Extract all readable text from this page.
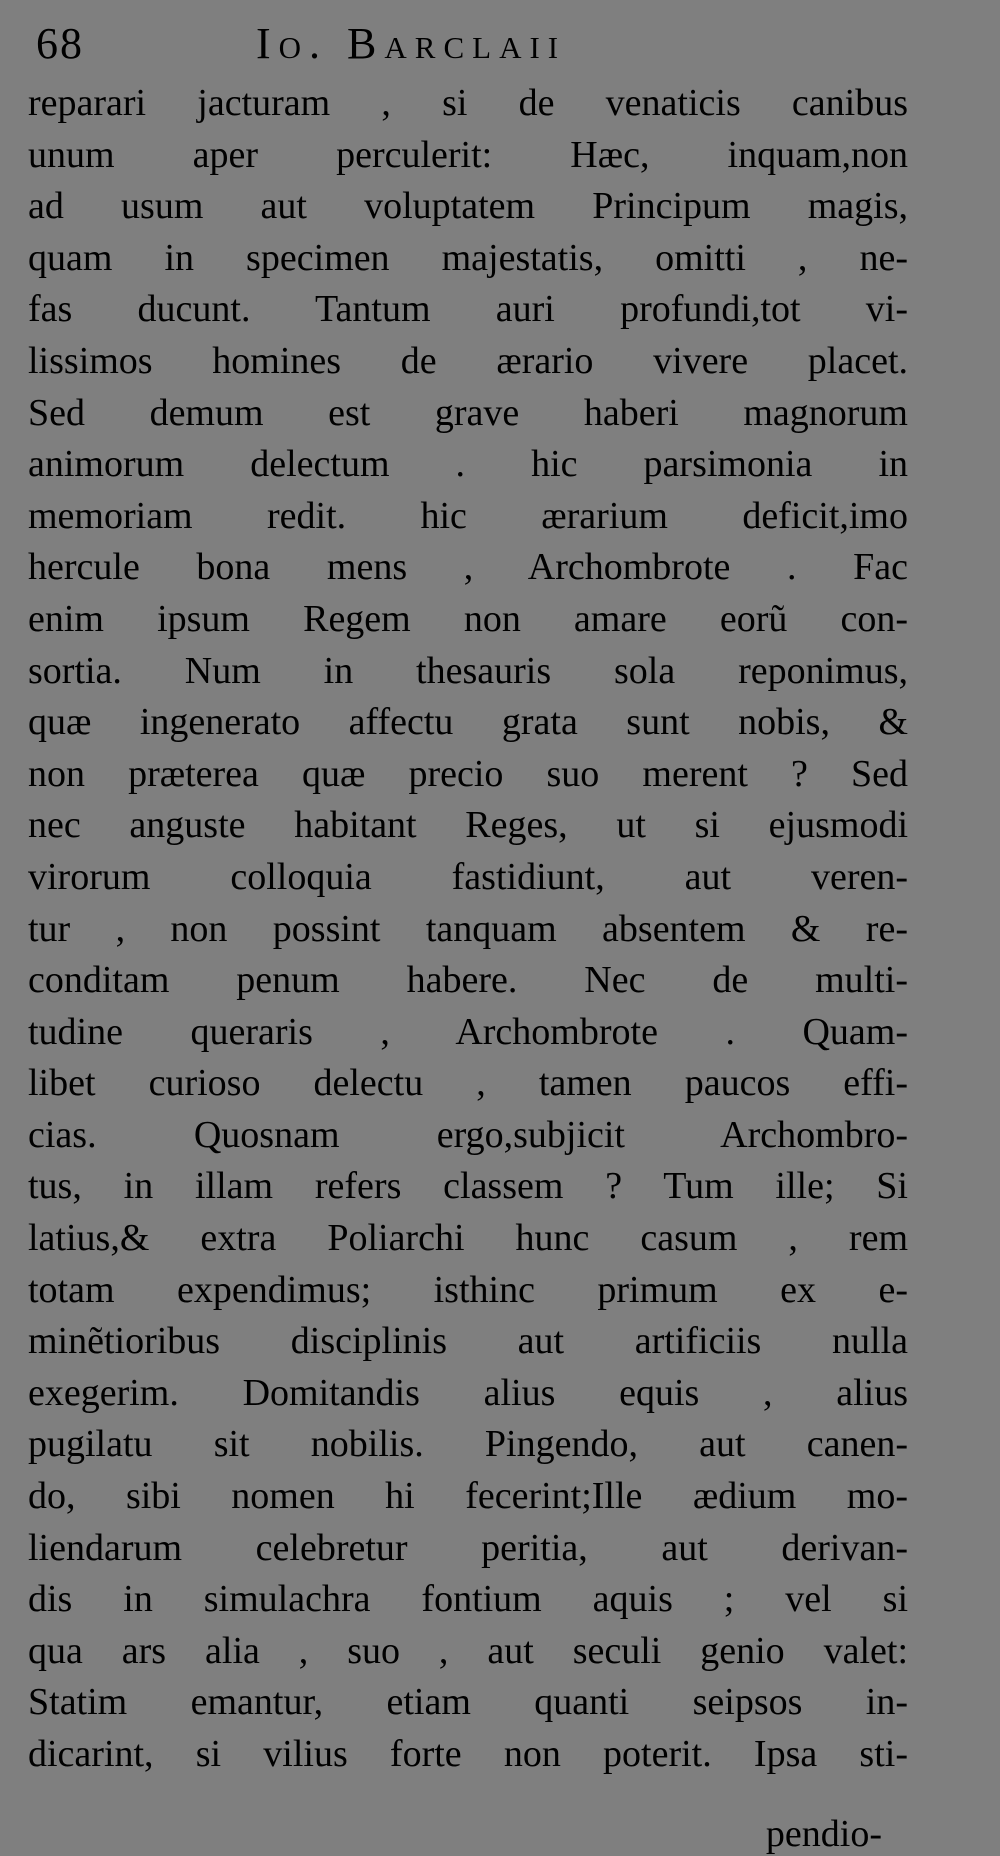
68	Io. Barclaii
reparari jacturam , si de venaticis canibus
unum aper perculerit: Hæc, inquam,non
ad usum aut voluptatem Principum magis,
quam in specimen majestatis, omitti , ne-
fas ducunt. Tantum auri profundi,tot vi-
lissimos homines de ærario vivere placet.
Sed demum est grave haberi magnorum
animorum delectum . hic parsimonia in
memoriam redit. hic ærarium deficit,imo
hercule bona mens , Archombrote . Fac
enim ipsum Regem non amare eorũ con-
sortia. Num in thesauris sola reponimus,
quæ ingenerato affectu grata sunt nobis, &
non præterea quæ precio suo merent ? Sed
nec anguste habitant Reges, ut si ejusmodi
virorum colloquia fastidiunt, aut veren-
tur , non possint tanquam absentem & re-
conditam penum habere. Nec de multi-
tudine queraris , Archombrote . Quam-
libet curioso delectu , tamen paucos effi-
cias. Quosnam ergo,subjicit Archombro-
tus, in illam refers classem ? Tum ille; Si
latius,& extra Poliarchi hunc casum , rem
totam expendimus; isthinc primum ex e-
minẽtioribus disciplinis aut artificiis nulla
exegerim. Domitandis alius equis , alius
pugilatu sit nobilis. Pingendo, aut canen-
do, sibi nomen hi fecerint;Ille ædium mo-
liendarum celebretur peritia, aut derivan-
dis in simulachra fontium aquis ; vel si
qua ars alia , suo , aut seculi genio valet:
Statim emantur, etiam quanti seipsos in-
dicarint, si vilius forte non poterit. Ipsa sti-
pendio-
